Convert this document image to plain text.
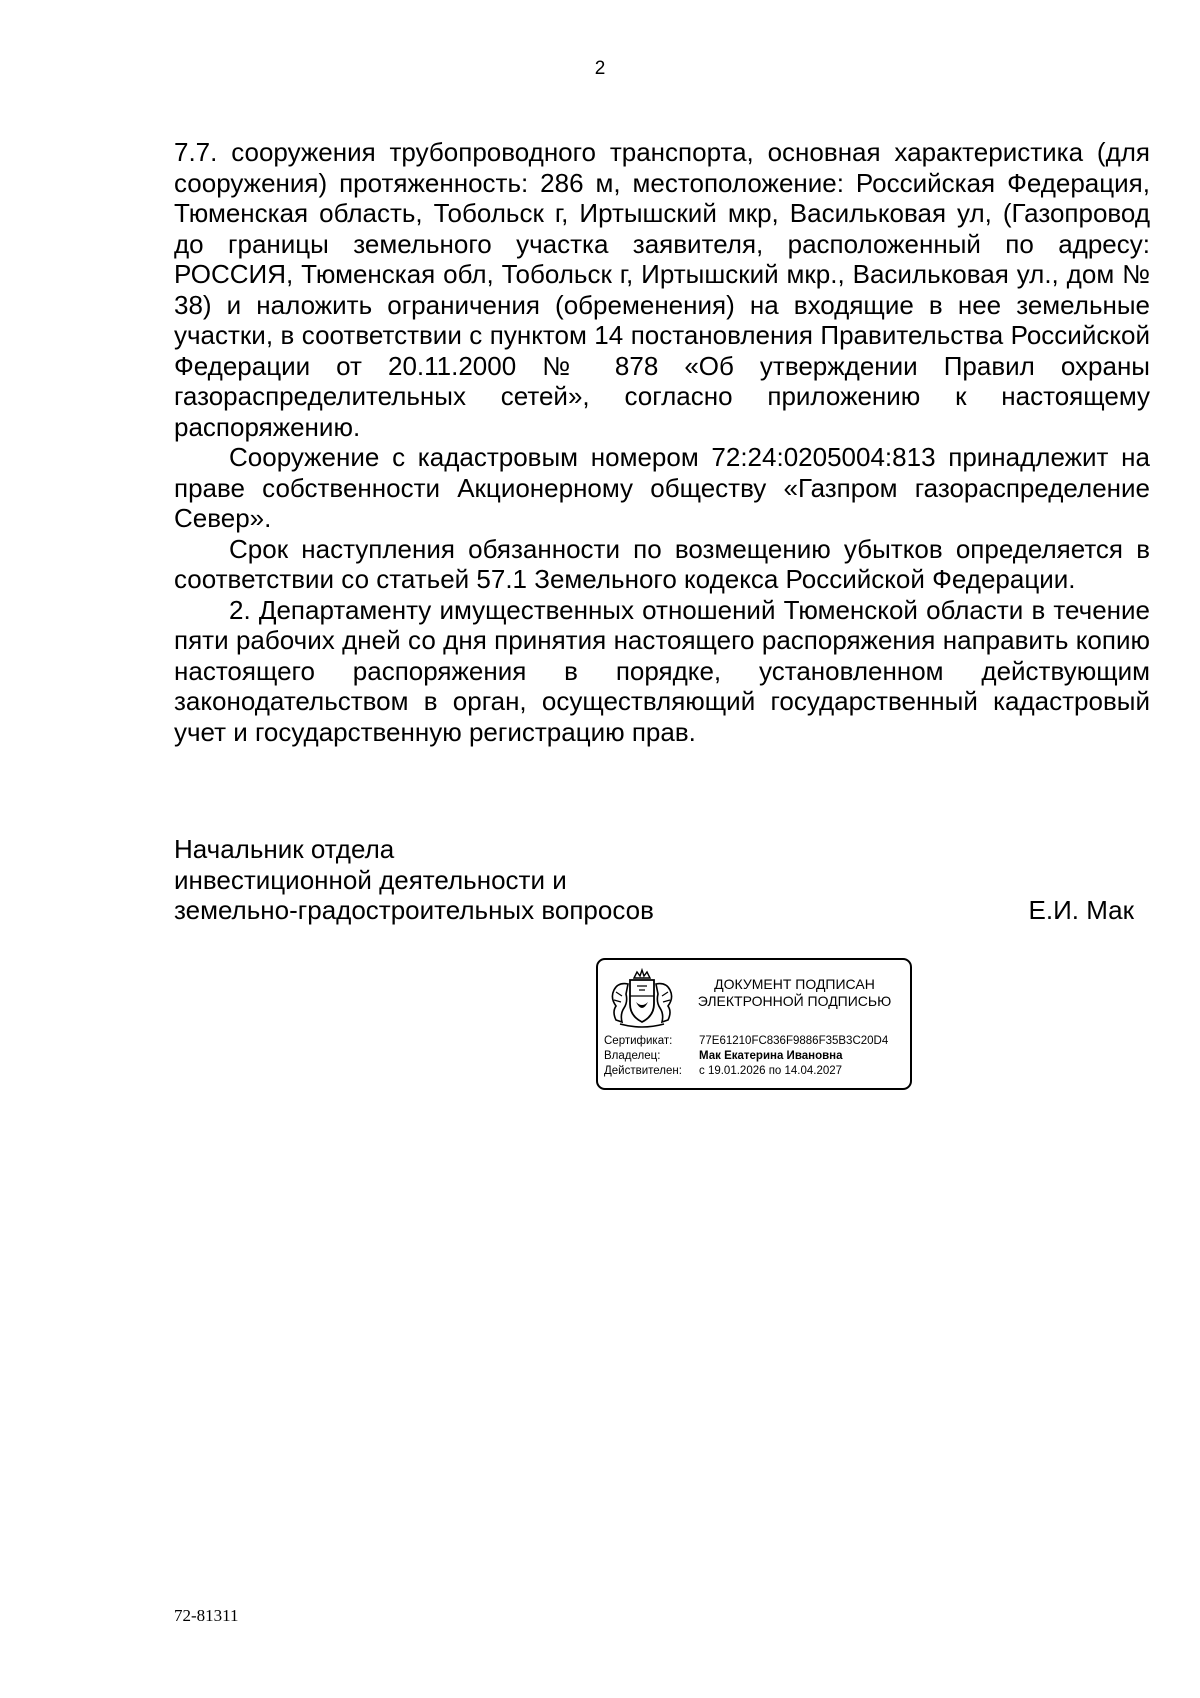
2

7.7. сооружения трубопроводного транспорта, основная характеристика (для сооружения) протяженность: 286 м, местоположение: Российская Федерация, Тюменская область, Тобольск г, Иртышский мкр, Васильковая ул, (Газопровод до границы земельного участка заявителя, расположенный по адресу: РОССИЯ, Тюменская обл, Тобольск г, Иртышский мкр., Васильковая ул., дом № 38) и наложить ограничения (обременения) на входящие в нее земельные участки, в соответствии с пунктом 14 постановления Правительства Российской Федерации от 20.11.2000 № 878 «Об утверждении Правил охраны газораспределительных сетей», согласно приложению к настоящему распоряжению.

Сооружение с кадастровым номером 72:24:0205004:813 принадлежит на праве собственности Акционерному обществу «Газпром газораспределение Север».

Срок наступления обязанности по возмещению убытков определяется в соответствии со статьей 57.1 Земельного кодекса Российской Федерации.

2. Департаменту имущественных отношений Тюменской области в течение пяти рабочих дней со дня принятия настоящего распоряжения направить копию настоящего распоряжения в порядке, установленном действующим законодательством в орган, осуществляющий государственный кадастровый учет и государственную регистрацию прав.

Начальник отдела
инвестиционной деятельности и
земельно-градостроительных вопросов	Е.И. Мак
ДОКУМЕНТ ПОДПИСАН
ЭЛЕКТРОННОЙ ПОДПИСЬЮ
Сертификат: 77E61210FC836F9886F35B3C20D4
Владелец:	Мак Екатерина Ивановна
Действителен: с 19.01.2026 по 14.04.2027
72-81311
